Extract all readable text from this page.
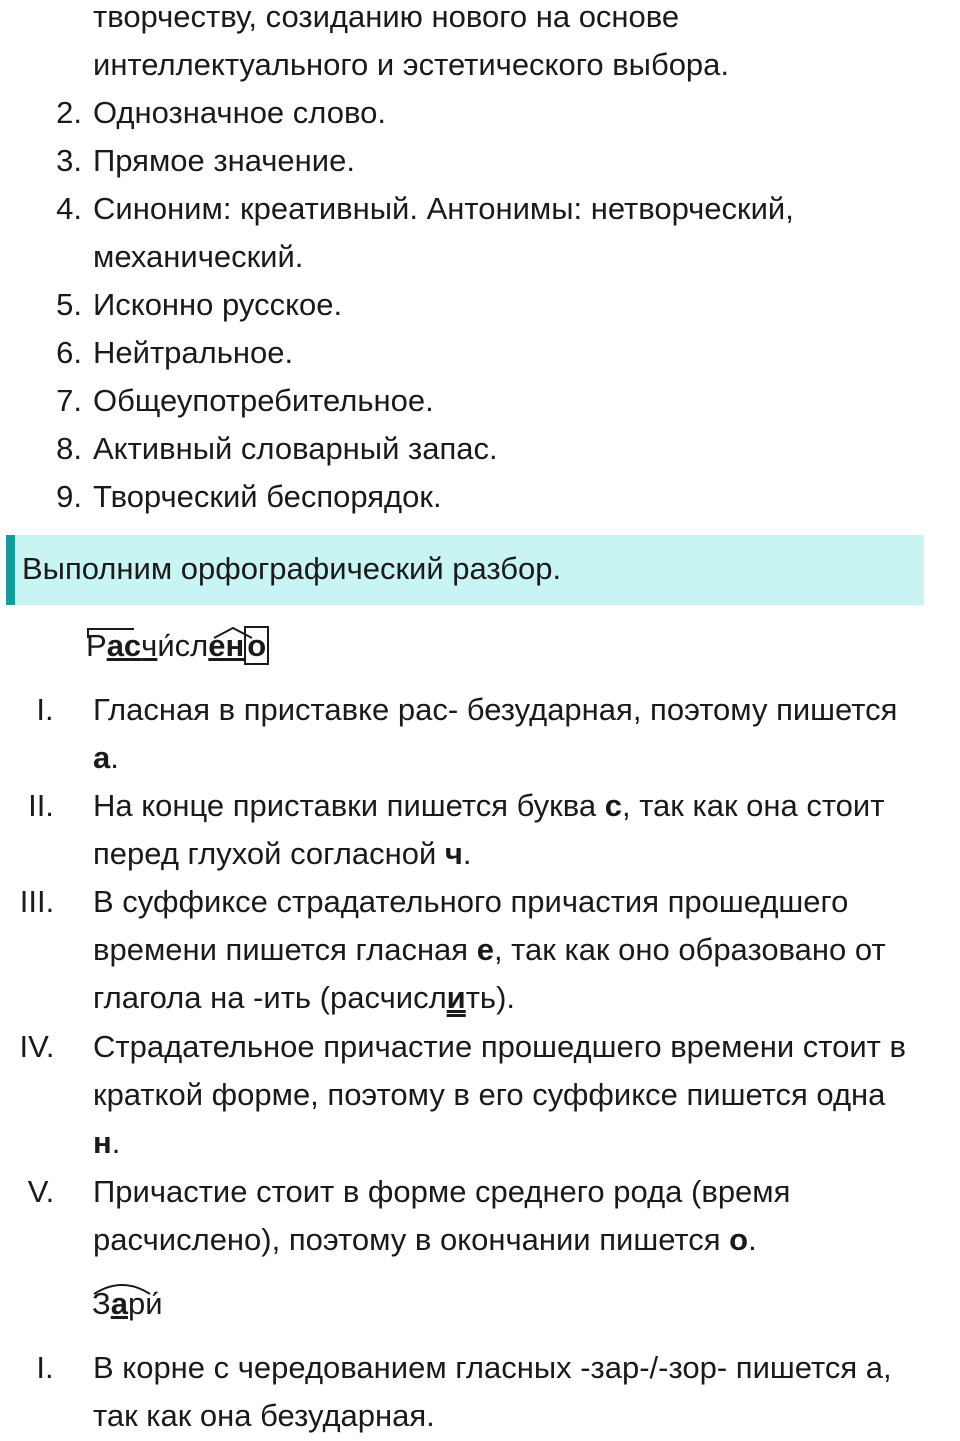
творчеству, созиданию нового на основе
интеллектуального и эстетического выбора.
2. Однозначное слово.
3. Прямое значение.
4. Синоним: креативный. Антонимы: нетворческий,
механический.
5. Исконно русское.
6. Нейтральное.
7. Общеупотребительное.
8. Активный словарный запас.
9. Творческий беспорядок.
Выполним орфографический разбор.
Расчи́слено
I.	Гласная в приставке рас- безударная, поэтому пишется
а.
II.	На конце приставки пишется буква с, так как она стоит
перед глухой согласной ч.
III.	В суффиксе страдательного причастия прошедшего
времени пишется гласная е, так как оно образовано от
глагола на -ить (расчислить).
IV.	Страдательное причастие прошедшего времени стоит в
краткой форме, поэтому в его суффиксе пишется одна
н.
V.	Причастие стоит в форме среднего рода (время
расчислено), поэтому в окончании пишется о.
Зари́
I.	В корне с чередованием гласных -зар-/-зор- пишется а,
так как она безударная.
